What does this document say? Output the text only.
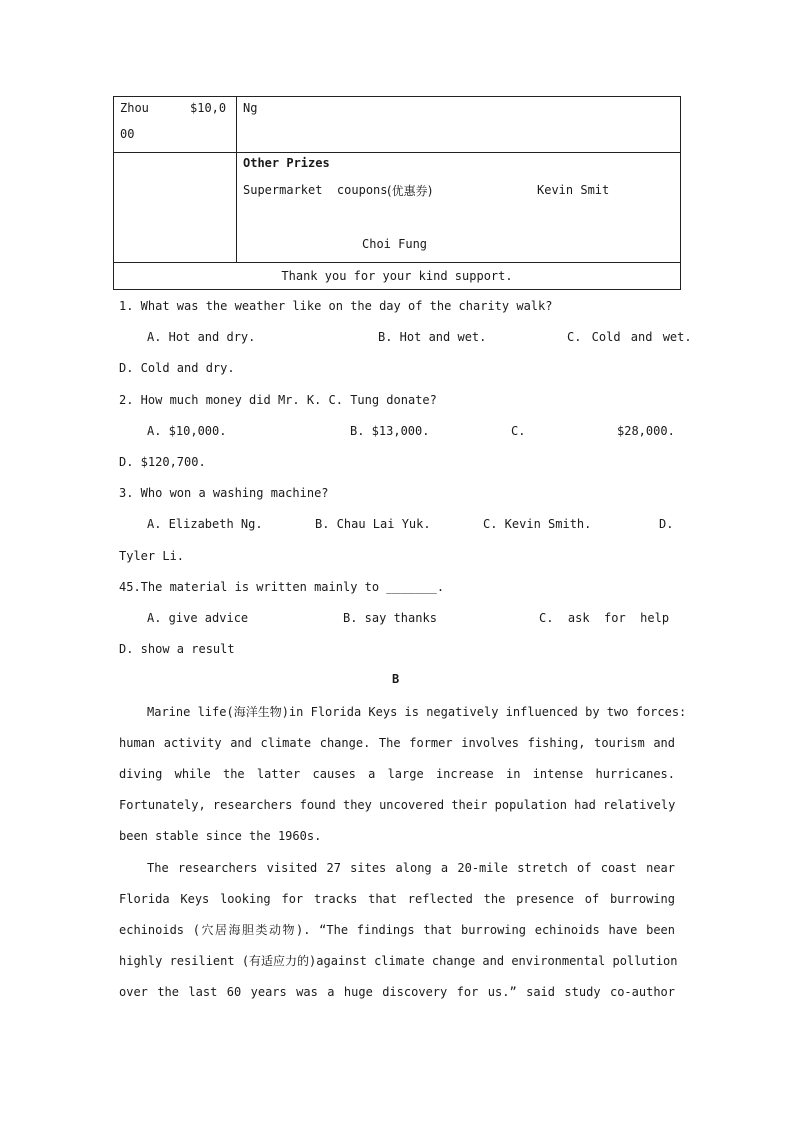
Zhou $10,0
00	Ng

	Other Prizes
Supermarket  coupons (优惠券) Kevin Smit
Choi Fung

Thank you for your kind support.	
1. What was the weather like on the day of the charity walk?
A. Hot and dry.	B. Hot and wet.	C. Cold and wet.
D. Cold and dry.
2. How much money did Mr. K. C. Tung donate?
A. $10,000.	B. $13,000.	C.	$28,000.
D. $120,700.
3. Who won a washing machine?
A. Elizabeth Ng.	B. Chau Lai Yuk.	C. Kevin Smith.	D.
Tyler Li.
45.The material is written mainly to _______.
A. give advice	B. say thanks	C.  ask  for  help
D. show a result
B
Marine life(海洋生物)in Florida Keys is negatively influenced by two forces:
human activity and climate change. The former involves fishing, tourism and
diving while the latter causes a large increase in intense hurricanes.
Fortunately, researchers found they uncovered their population had relatively
been stable since the 1960s.
The researchers visited 27 sites along a 20-mile stretch of coast near
Florida Keys looking for tracks that reflected the presence of burrowing
echinoids (穴居海胆类动物). “The findings that burrowing echinoids have been
highly resilient (有适应力的)against climate change and environmental pollution
over the last 60 years was a huge discovery for us.” said study co-author
